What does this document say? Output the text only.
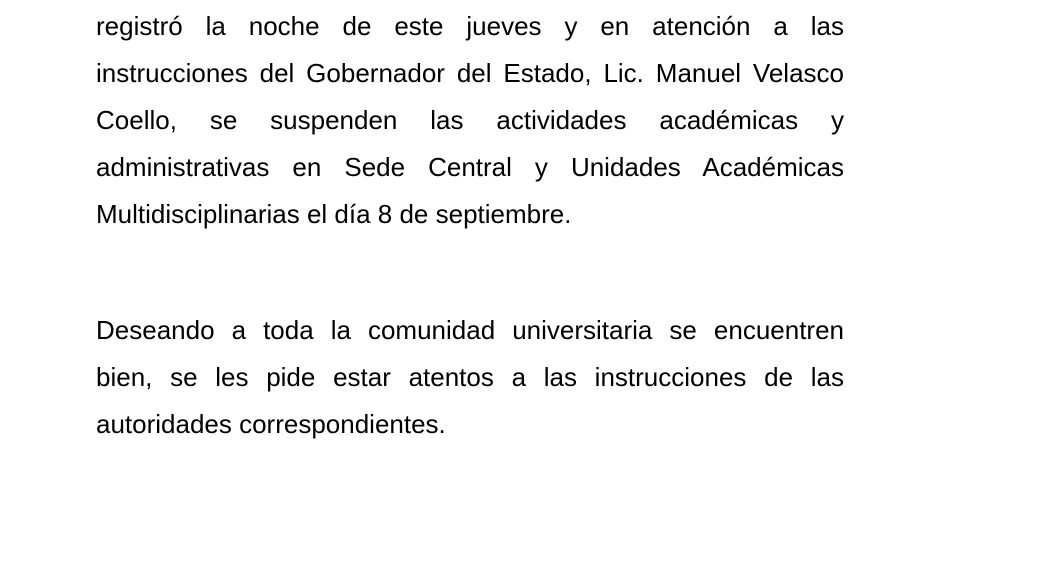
registró la noche de este jueves y en atención a las
instrucciones del Gobernador del Estado, Lic. Manuel Velasco
Coello, se suspenden las actividades académicas y
administrativas en Sede Central y Unidades Académicas
Multidisciplinarias el día 8 de septiembre.
Deseando a toda la comunidad universitaria se encuentren
bien, se les pide estar atentos a las instrucciones de las
autoridades correspondientes.
